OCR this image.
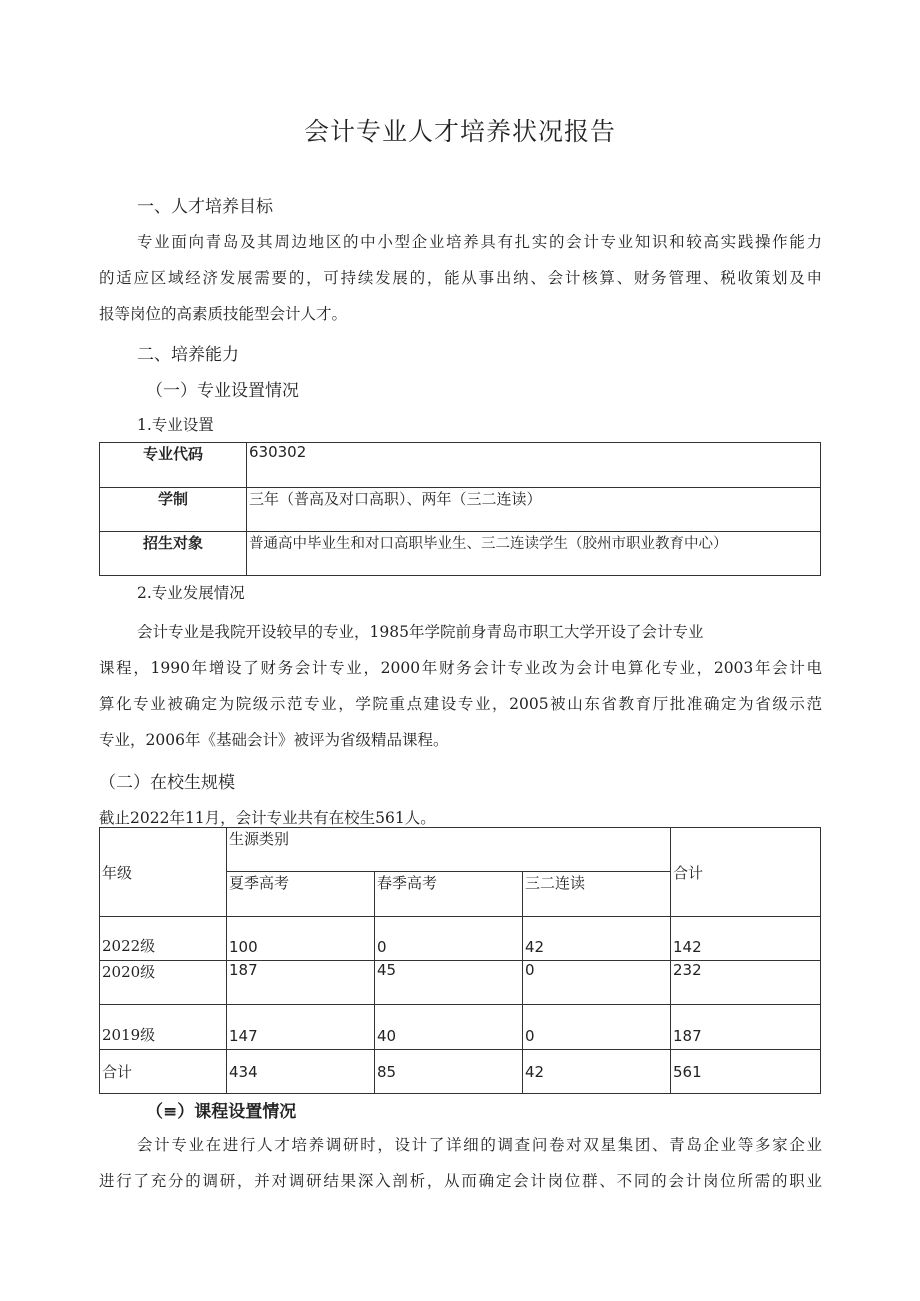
会计专业人才培养状况报告
一、人才培养目标
专业面向青岛及其周边地区的中小型企业培养具有扎实的会计专业知识和较高实践操作能力
的适应区域经济发展需要的，可持续发展的，能从事出纳、会计核算、财务管理、税收策划及申
报等岗位的高素质技能型会计人才。
二、培养能力
（一）专业设置情况
1.专业设置
专业代码	630302
学制	三年（普高及对口高职）、两年（三二连读）
招生对象	普通高中毕业生和对口高职毕业生、三二连读学生（胶州市职业教育中心）
2.专业发展情况
会计专业是我院开设较早的专业，1985年学院前身青岛市职工大学开设了会计专业
课程，1990年增设了财务会计专业，2000年财务会计专业改为会计电算化专业，2003年会计电
算化专业被确定为院级示范专业，学院重点建设专业，2005被山东省教育厅批准确定为省级示范
专业，2006年《基础会计》被评为省级精品课程。
（二）在校生规模
截止2022年11月，会计专业共有在校生561人。
年级	生源类别			合计
	夏季高考	春季高考	三二连读	
2022级	100	0	42	142
2020级	187	45	0	232
2019级	147	40	0	187
合计	434	85	42	561
（≡）课程设置情况
会计专业在进行人才培养调研时，设计了详细的调查问卷对双星集团、青岛企业等多家企业
进行了充分的调研，并对调研结果深入剖析，从而确定会计岗位群、不同的会计岗位所需的职业
